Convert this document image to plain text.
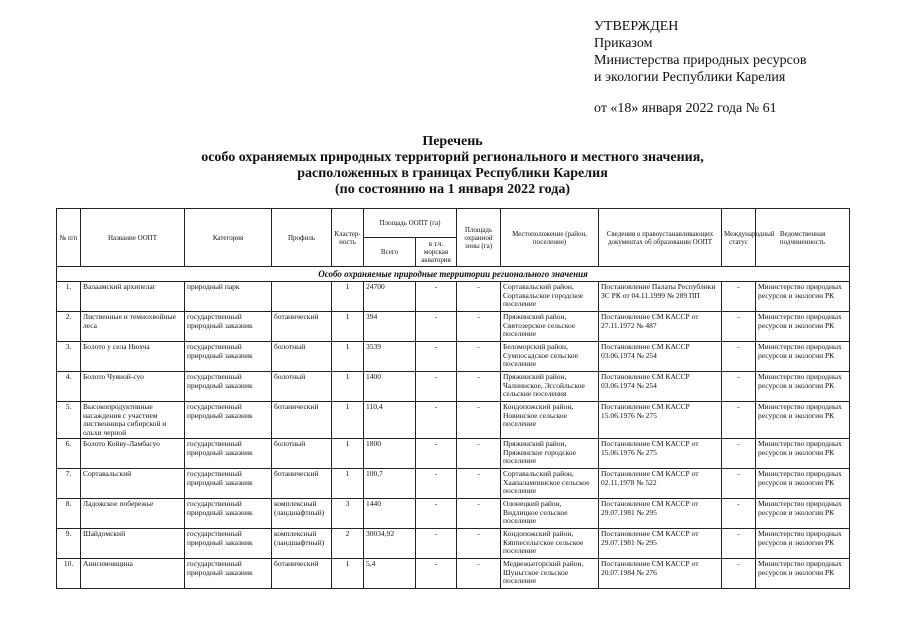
УТВЕРЖДЕН
Приказом
Министерства природных ресурсов
и экологии Республики Карелия
от «18» января 2022 года № 61
Перечень
особо охраняемых природных территорий регионального и местного значения,
расположенных в границах Республики Карелия
(по состоянию на 1 января 2022 года)
№ п/п	Название ООПТ	Категория	Профиль	Кластер-ность	Площадь ООПТ (га)		Площадь охранной зоны (га)	Местоположение (район, поселение)	Сведения о правоустанавливающих документах об образовании ООПТ	Международный статус	Ведомственная подчиненность
					Всего	в т.ч. морская акватория					
Особо охраняемые природные территории регионального значения											
1.	Валаамский архипелаг	природный парк		1	24700	-	-	Сортавальский район, Сортавальское городское поселение	Постановление Палаты Республики ЗС РК от 04.11.1999 № 289 ПП	-	Министерство природных ресурсов и экологии РК
2.	Лиственные и темнохвойные леса	государственный природный заказник	ботанический	1	394	-	-	Пряжинский район, Святозерское сельское поселение	Постановление СМ КАССР от 27.11.1972 № 487	-	Министерство природных ресурсов и экологии РК
3.	Болото у села Нюхча	государственный природный заказник	болотный	1	3539	-	-	Беломорский район, Сумпосадское сельское поселение	Постановление СМ КАССР 03.06.1974 № 254	-	Министерство природных ресурсов и экологии РК
4.	Болото Чуяной-суо	государственный природный заказник	болотный	1	1400	-	-	Пряжинский район, Чалнинское, Эссойльское сельские поселения	Постановление СМ КАССР 03.06.1974 № 254	-	Министерство природных ресурсов и экологии РК
5.	Высокопродуктивные насаждения с участием лиственницы сибирской и ольхи черной	государственный природный заказник	ботанический	1	110,4	-	-	Кондопожский район, Новинское сельское поселение	Постановление СМ КАССР 15.06.1976 № 275	-	Министерство природных ресурсов и экологии РК
6.	Болото Койву-Ламбасуо	государственный природный заказник	болотный	1	1800	-	-	Пряжинский район, Пряжинское городское поселение	Постановление СМ КАССР от 15.06.1976 № 275	-	Министерство природных ресурсов и экологии РК
7.	Сортавальский	государственный природный заказник	ботанический	1	100,7	-	-	Сортавальский район, Хаапалампинское сельское поселение	Постановление СМ КАССР от 02.11.1978 № 522	-	Министерство природных ресурсов и экологии РК
8.	Ладожское побережье	государственный природный заказник	комплексный (ландшафтный)	3	1440	-	-	Олонецкий район, Видлицкое сельское поселение	Постановление СМ КАССР от 29.07.1981 № 295	-	Министерство природных ресурсов и экологии РК
9.	Шайдомский	государственный природный заказник	комплексный (ландшафтный)	2	30034,92	-	-	Кондопожский район, Кяппесельгское сельское поселение	Постановление СМ КАССР от 29.07.1981 № 295	-	Министерство природных ресурсов и экологии РК
10.	Анисимовщина	государственный природный заказник	ботанический	1	5,4	-	-	Медвежьегорский район, Шуньгское сельское поселение	Постановление СМ КАССР от 20.07.1984 № 276	-	Министерство природных ресурсов и экологии РК
